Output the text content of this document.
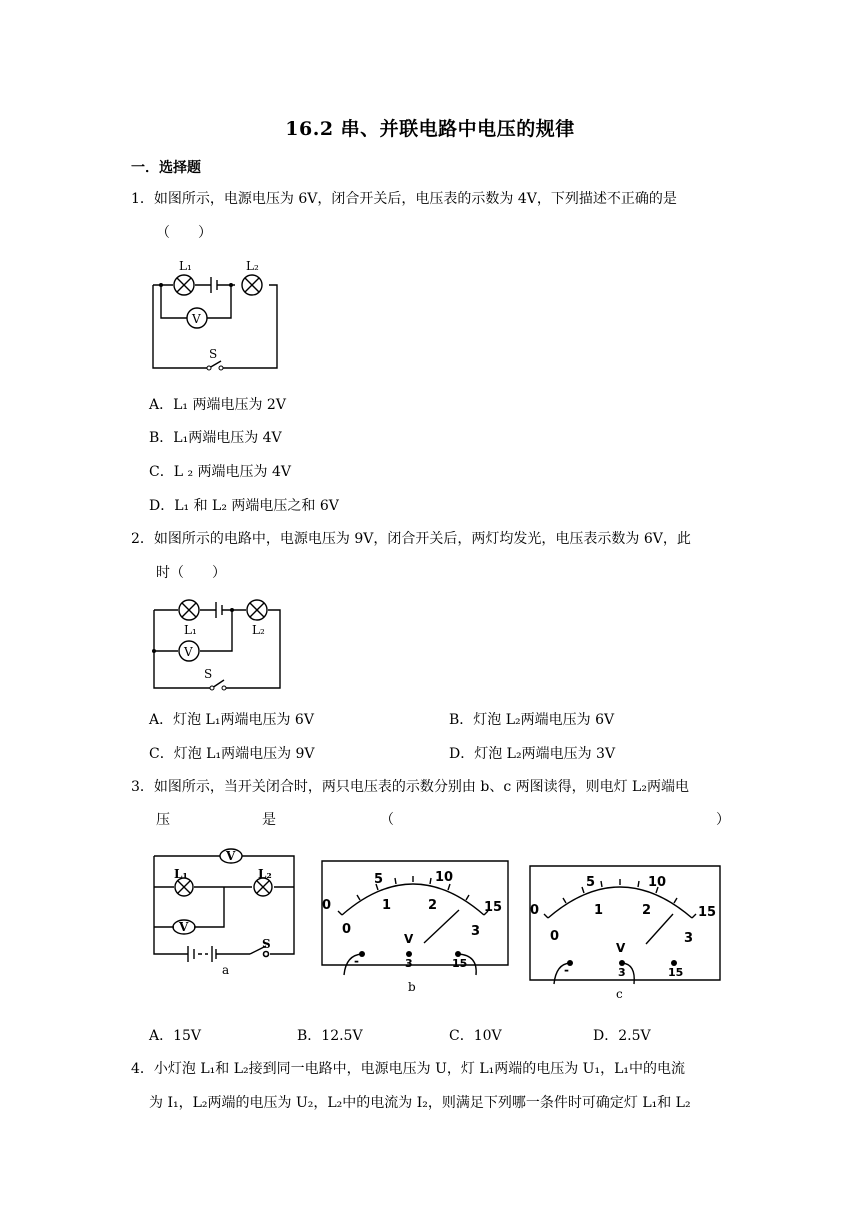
16.2 串、并联电路中电压的规律
一．选择题
1．如图所示，电源电压为 6V，闭合开关后，电压表的示数为 4V，下列描述不正确的是
（　　）
V
L₁	L₂
S
A．L₁ 两端电压为 2V
B．L₁两端电压为 4V
C．L ₂ 两端电压为 4V
D．L₁ 和 L₂ 两端电压之和 6V
2．如图所示的电路中，电源电压为 9V，闭合开关后，两灯均发光，电压表示数为 6V，此
时（　　）
V
L₁	L₂
S
A．灯泡 L₁两端电压为 6V	B．灯泡 L₂两端电压为 6V
C．灯泡 L₁两端电压为 9V	D．灯泡 L₂两端电压为 3V
3．如图所示，当开关闭合时，两只电压表的示数分别由 b、c 两图读得，则电灯 L₂两端电
压	是	（	）
V
V
L₁	L₂
S
a
0
5	10
15
0
1	2
3
V
-	3	15
b
0
5	10
15
0
1	2
3
V
-	3	15
c
A．15V	B．12.5V	C．10V	D．2.5V
4．小灯泡 L₁和 L₂接到同一电路中，电源电压为 U，灯 L₁两端的电压为 U₁，L₁中的电流
为 I₁，L₂两端的电压为 U₂，L₂中的电流为 I₂，则满足下列哪一条件时可确定灯 L₁和 L₂
